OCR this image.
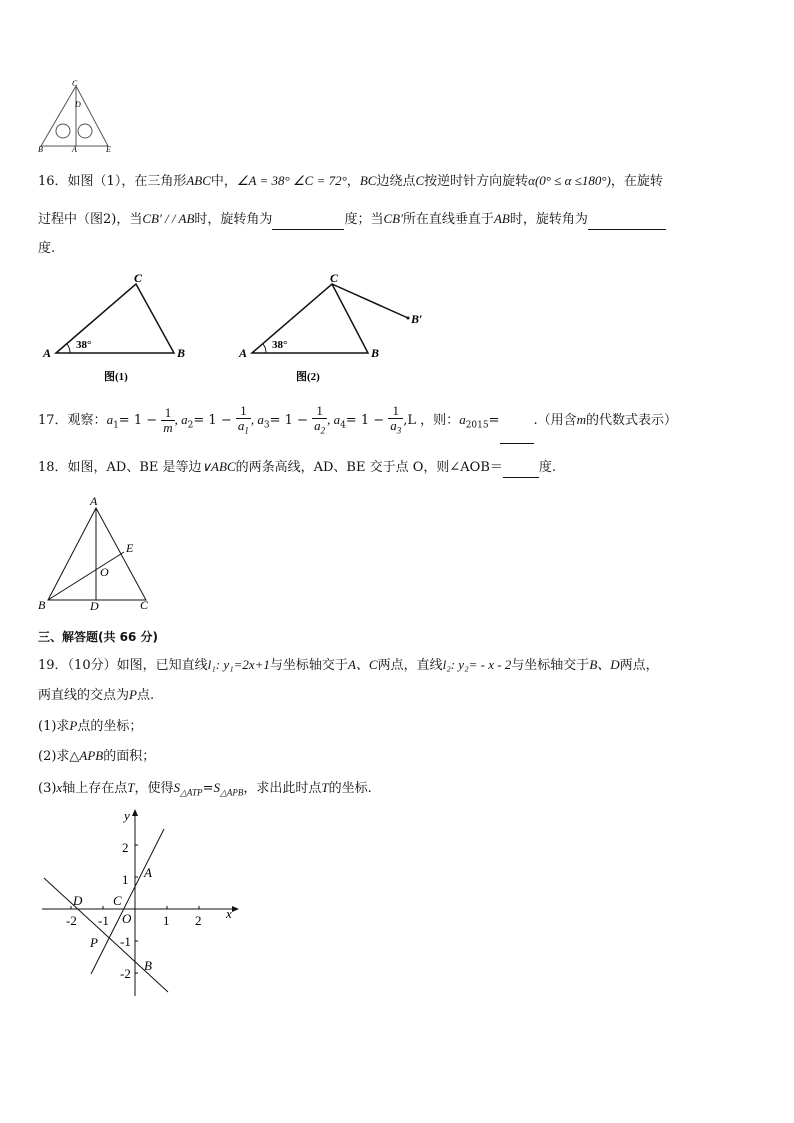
C
D
B	A	E
16．如图（1），在三角形ABC中，∠A = 38° ∠C = 72°，BC边绕点C按逆时针方向旋转α(0° ≤ α ≤180°)，在旋转
过程中（图2)，当CB′ / / AB时，旋转角为	度；当CB′所在直线垂直于AB时，旋转角为
度.
C
A	B
38°
图(1)
C
A	B
B′
38°
图(2)
17．观察：$a_1= 1 - \frac{1}{m}$ , $a_2= 1 - \frac{1}{a_1}$ , $a_3= 1 - \frac{1}{a_2}$ , $a_4= 1 - \frac{1}{a_3} ,L$ ，则：$a_{2015}=$	.（用含m的代数式表示）
18．如图，AD、BE 是等边∨ABC的两条高线，AD、BE 交于点 O，则∠AOB＝	度.
A
E
O
B	D	C
三、解答题(共 66 分)
19．（10分）如图，已知直线l₁: y₁=2x+1与坐标轴交于A、C两点，直线l₂: y₂= - x - 2与坐标轴交于B、D两点，
两直线的交点为P点.
(1)求P点的坐标；
(2)求△APB的面积；
(3)x轴上存在点T，使得$S_{\triangle ATP}=S_{\triangle APB}$，求出此时点T的坐标.
y
x
2
1
-1
-2
1 2
-1
-2
A
B
C
D
O
P
